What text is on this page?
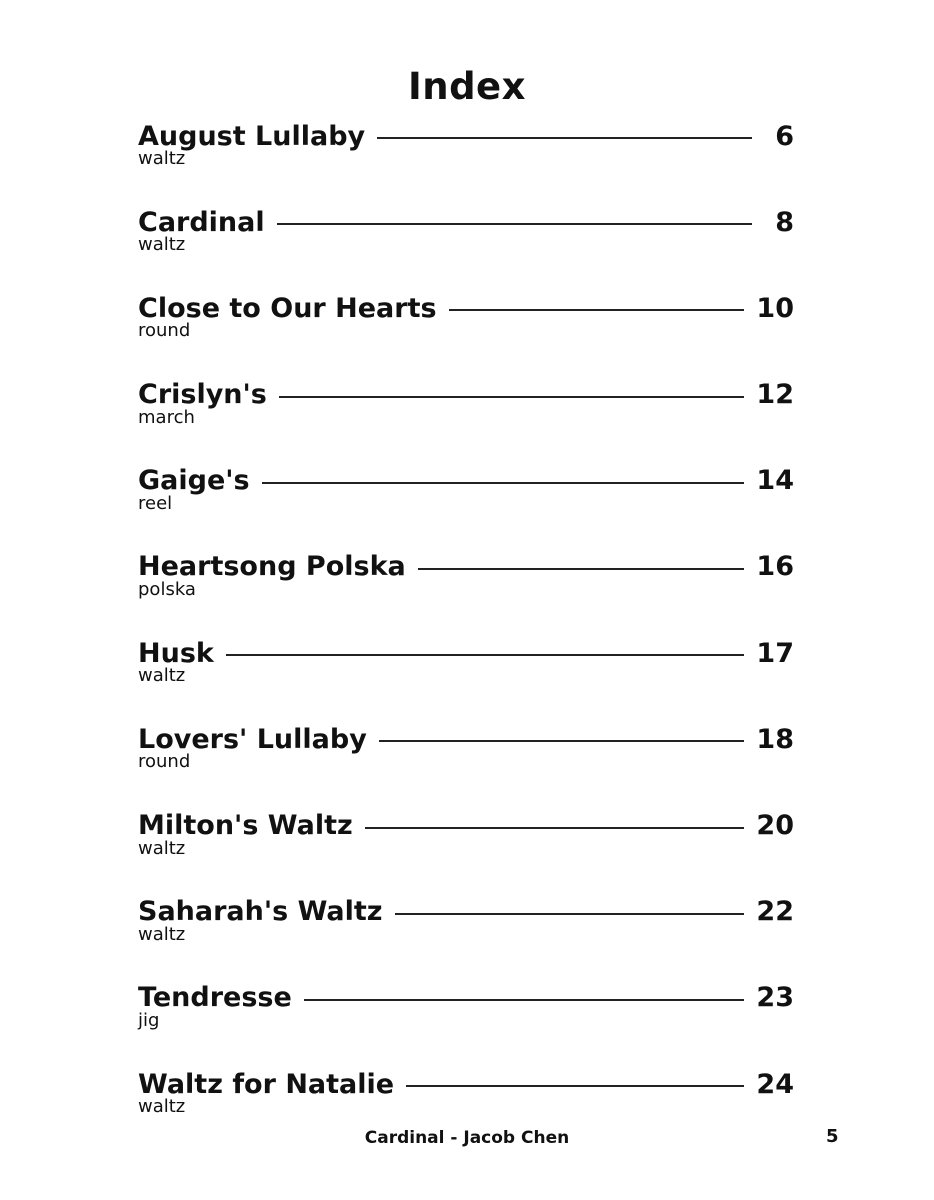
Index
August Lullaby	6
waltz
Cardinal	8
waltz
Close to Our Hearts	10
round
Crislyn's	12
march
Gaige's	14
reel
Heartsong Polska	16
polska
Husk	17
waltz
Lovers' Lullaby	18
round
Milton's Waltz	20
waltz
Saharah's Waltz	22
waltz
Tendresse	23
jig
Waltz for Natalie	24
waltz
Cardinal - Jacob Chen	5
